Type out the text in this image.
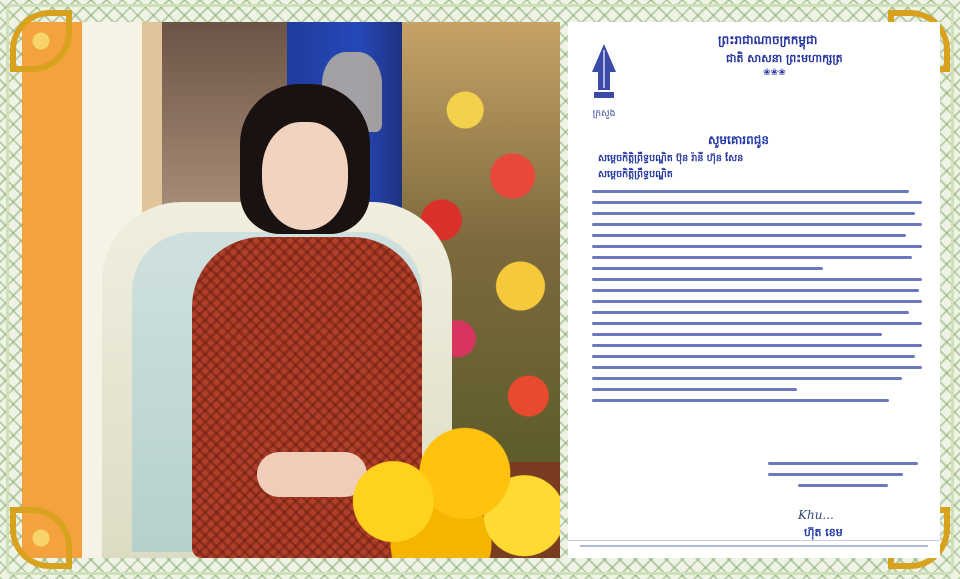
ក្រសួង
ព្រះរាជាណាចក្រកម្ពុជា
ជាតិ សាសនា ព្រះមហាក្សត្រ
❀❀❀
សូមគោរពជូន
សម្តេចកិត្តិព្រឹទ្ធបណ្ឌិត ប៊ុន រ៉ានី ហ៊ុន សែន
សម្តេចកិត្តិព្រឹទ្ធបណ្ឌិត
Khu...
ហ៊ុត ខេម
